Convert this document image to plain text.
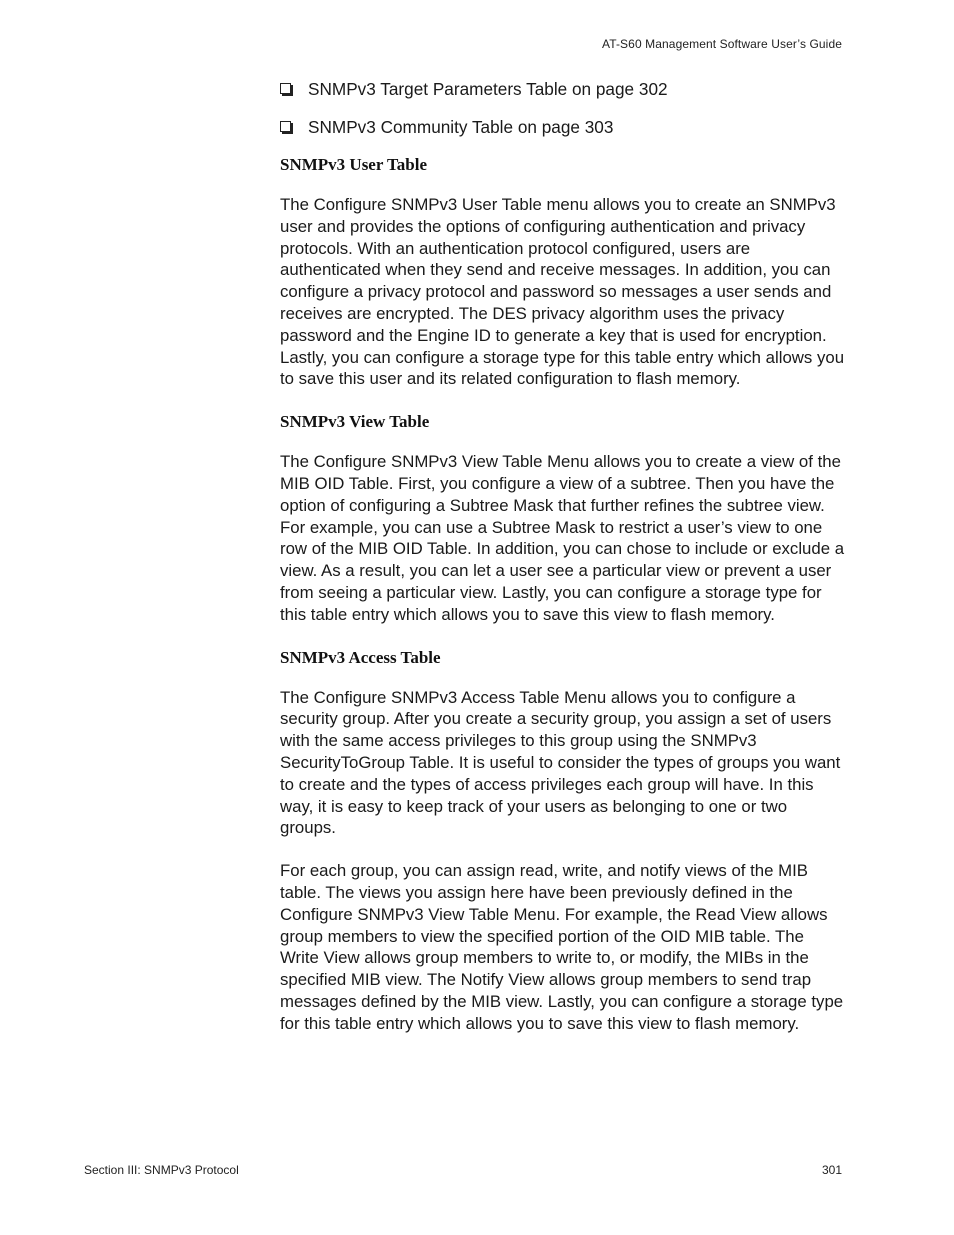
AT-S60 Management Software User’s Guide
SNMPv3 Target Parameters Table on page 302
SNMPv3 Community Table on page 303
SNMPv3 User Table

The Configure SNMPv3 User Table menu allows you to create an SNMPv3 user and provides the options of configuring authentication and privacy protocols. With an authentication protocol configured, users are authenticated when they send and receive messages. In addition, you can configure a privacy protocol and password so messages a user sends and receives are encrypted. The DES privacy algorithm uses the privacy password and the Engine ID to generate a key that is used for encryption. Lastly, you can configure a storage type for this table entry which allows you to save this user and its related configuration to flash memory.

SNMPv3 View Table

The Configure SNMPv3 View Table Menu allows you to create a view of the MIB OID Table. First, you configure a view of a subtree. Then you have the option of configuring a Subtree Mask that further refines the subtree view. For example, you can use a Subtree Mask to restrict a user’s view to one row of the MIB OID Table. In addition, you can chose to include or exclude a view. As a result, you can let a user see a particular view or prevent a user from seeing a particular view. Lastly, you can configure a storage type for this table entry which allows you to save this view to flash memory.

SNMPv3 Access Table

The Configure SNMPv3 Access Table Menu allows you to configure a security group. After you create a security group, you assign a set of users with the same access privileges to this group using the SNMPv3 SecurityToGroup Table. It is useful to consider the types of groups you want to create and the types of access privileges each group will have. In this way, it is easy to keep track of your users as belonging to one or two groups.

For each group, you can assign read, write, and notify views of the MIB table. The views you assign here have been previously defined in the Configure SNMPv3 View Table Menu. For example, the Read View allows group members to view the specified portion of the OID MIB table. The Write View allows group members to write to, or modify, the MIBs in the specified MIB view. The Notify View allows group members to send trap messages defined by the MIB view. Lastly, you can configure a storage type for this table entry which allows you to save this view to flash memory.

Section III: SNMPv3 Protocol	301
